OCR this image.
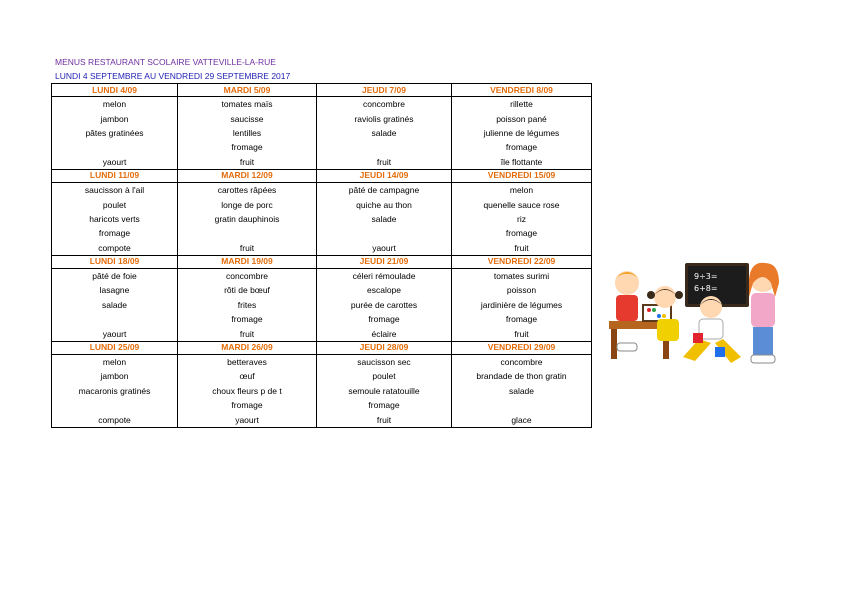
MENUS RESTAURANT SCOLAIRE VATTEVILLE-LA-RUE
LUNDI 4 SEPTEMBRE AU VENDREDI 29 SEPTEMBRE 2017
LUNDI 4/09	MARDI 5/09	JEUDI 7/09	VENDREDI 8/09
melon	tomates maïs	concombre	rillette
jambon	saucisse	raviolis gratinés	poisson pané
pâtes gratinées	lentilles	salade	julienne de légumes
	fromage		fromage
yaourt	fruit	fruit	île flottante
LUNDI 11/09	MARDI 12/09	JEUDI 14/09	VENDREDI 15/09
saucisson à l'ail	carottes râpées	pâté de campagne	melon
poulet	longe de porc	quiche au thon	quenelle sauce rose
haricots verts	gratin dauphinois	salade	riz
fromage			fromage
compote	fruit	yaourt	fruit
LUNDI 18/09	MARDI 19/09	JEUDI 21/09	VENDREDI 22/09
pâté de foie	concombre	céleri rémoulade	tomates surimi
lasagne	rôti de bœuf	escalope	poisson
salade	frites	purée de carottes	jardinière de légumes
	fromage	fromage	fromage
yaourt	fruit	éclaire	fruit
LUNDI 25/09	MARDI 26/09	JEUDI 28/09	VENDREDI 29/09
melon	betteraves	saucisson sec	concombre
jambon	œuf	poulet	brandade de thon gratin
macaronis gratinés	choux fleurs p de t	semoule ratatouille	salade
	fromage	fromage	
compote	yaourt	fruit	glace
9÷3=
6+8=
